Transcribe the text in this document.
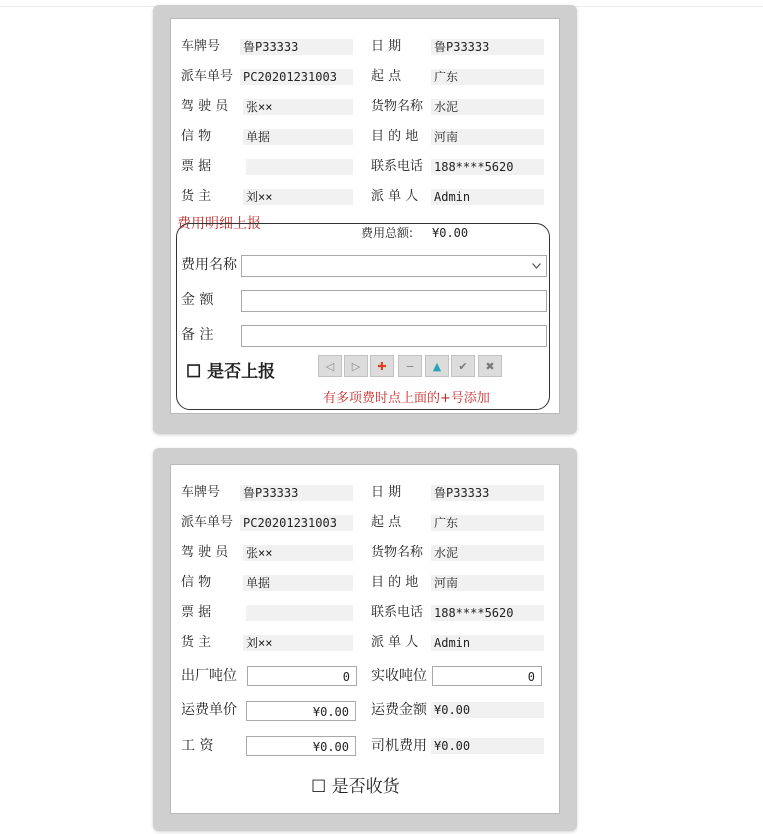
车牌号 鲁P33333	日 期	鲁P33333
派车单号 PC20201231003	起 点	广东
驾 驶 员 张××	货物名称 水泥
信 物	单据	目 的 地 河南
票 据	联系电话 188****5620
货 主	刘××	派 单 人 Admin
费用明细上报
费用总额: ¥0.00
费用名称
金 额
备 注
☐ 是否上报	◁ ▷ ✚ − ▲ ✔ ✖
有多项费时点上面的+号添加
车牌号 鲁P33333	日 期	鲁P33333
派车单号 PC20201231003	起 点	广东
驾 驶 员 张××	货物名称 水泥
信 物	单据	目 的 地 河南
票 据	联系电话 188****5620
货 主	刘××	派 单 人 Admin
出厂吨位	0	实收吨位	0
运费单价	¥0.00	运费金额 ¥0.00
工 资	¥0.00	司机费用 ¥0.00
☐ 是否收货
